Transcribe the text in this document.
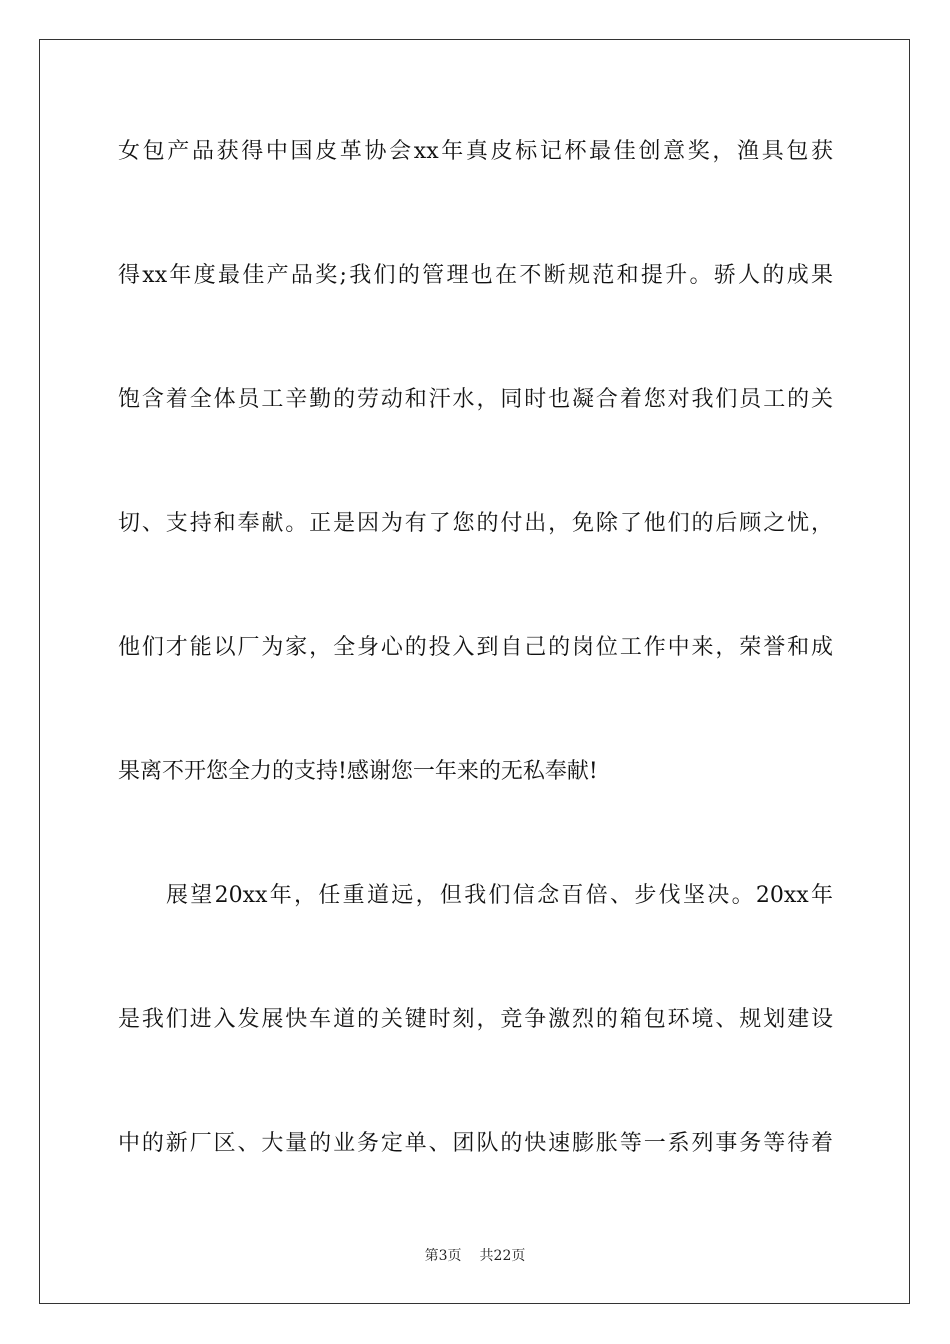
女包产品获得中国皮革协会xx年真皮标记杯最佳创意奖，渔具包获
得xx年度最佳产品奖;我们的管理也在不断规范和提升。骄人的成果
饱含着全体员工辛勤的劳动和汗水，同时也凝合着您对我们员工的关
切、支持和奉献。正是因为有了您的付出，免除了他们的后顾之忧，
他们才能以厂为家，全身心的投入到自己的岗位工作中来，荣誉和成
果离不开您全力的支持!感谢您一年来的无私奉献!
展望20xx年，任重道远，但我们信念百倍、步伐坚决。20xx年
是我们进入发展快车道的关键时刻，竞争激烈的箱包环境、规划建设
中的新厂区、大量的业务定单、团队的快速膨胀等一系列事务等待着
第3页 共22页
